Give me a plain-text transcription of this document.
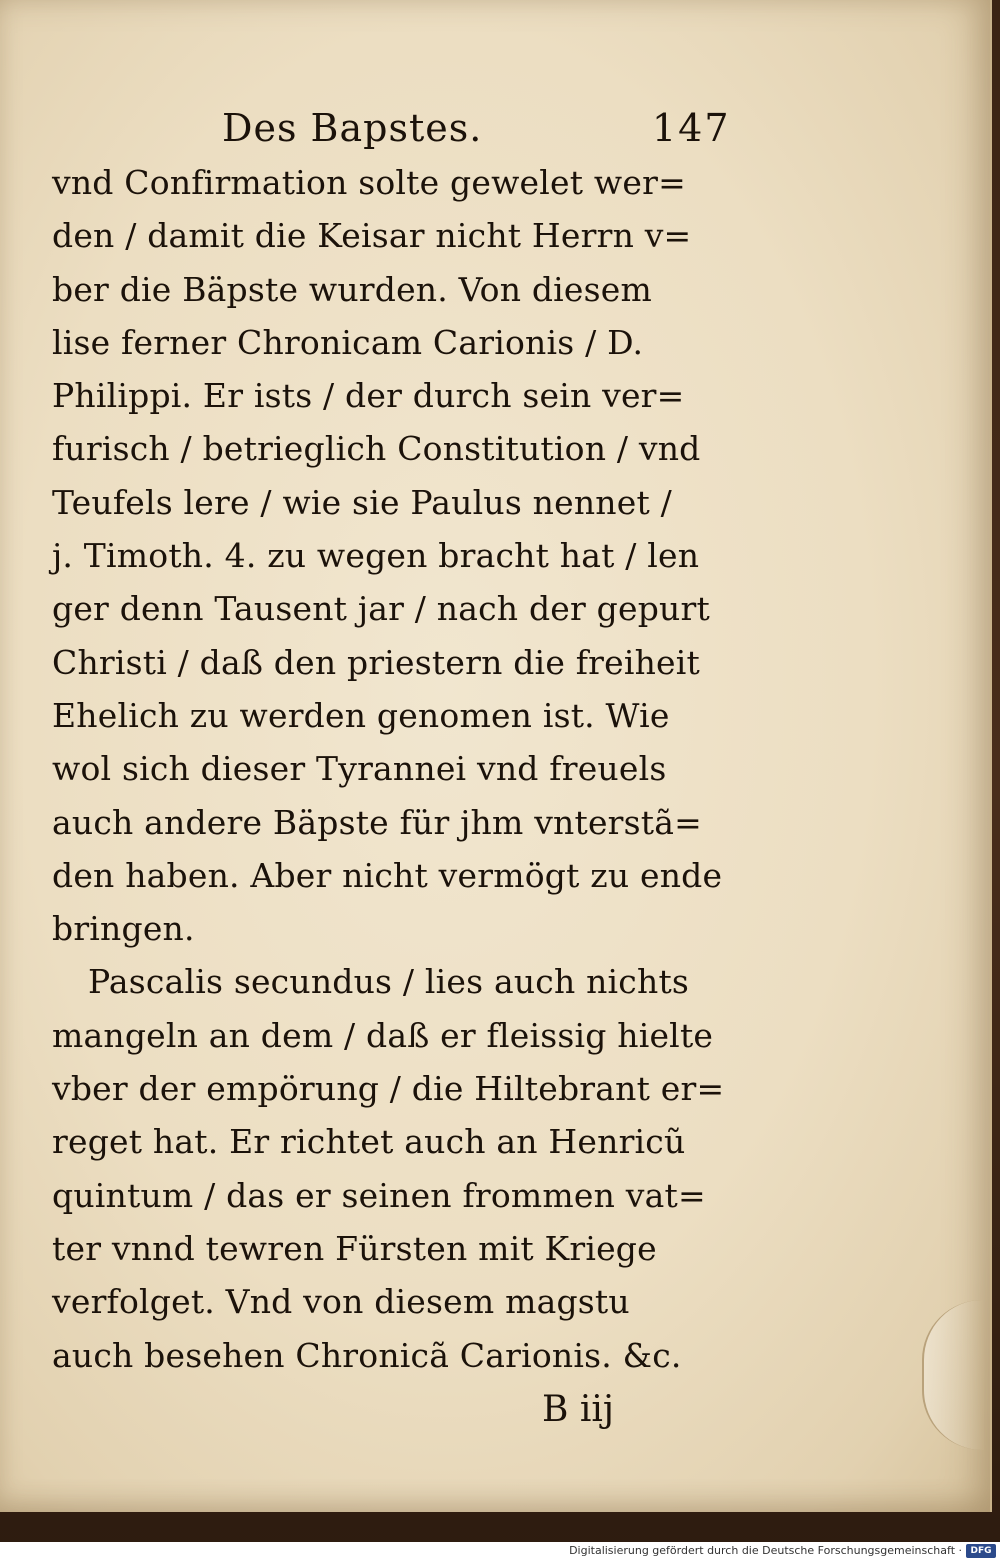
Des Bapstes.	147
vnd Confirmation solte gewelet wer=
den / damit die Keisar nicht Herrn v=
ber die Bäpste wurden. Von diesem
lise ferner Chronicam Carionis / D.
Philippi. Er ists / der durch sein ver=
furisch / betrieglich Constitution / vnd
Teufels lere / wie sie Paulus nennet /
j. Timoth. 4. zu wegen bracht hat / len
ger denn Tausent jar / nach der gepurt
Christi / daß den priestern die freiheit
Ehelich zu werden genomen ist. Wie
wol sich dieser Tyrannei vnd freuels
auch andere Bäpste für jhm vnterstã=
den haben. Aber nicht vermögt zu ende
bringen.
Pascalis secundus / lies auch nichts
mangeln an dem / daß er fleissig hielte
vber der empörung / die Hiltebrant er=
reget hat. Er richtet auch an Henricũ
quintum / das er seinen frommen vat=
ter vnnd tewren Fürsten mit Kriege
verfolget. Vnd von diesem magstu
auch besehen Chronicã Carionis. &c.
B iij
Digitalisierung gefördert durch die Deutsche Forschungsgemeinschaft · DFG
